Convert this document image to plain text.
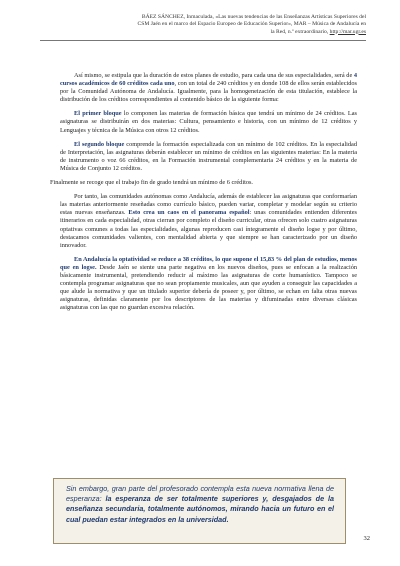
BÁEZ SÁNCHEZ, Inmaculada, «Las nuevas tendencias de las Enseñanzas Artísticas Superiores del
CSM Jaén en el marco del Espacio Europeo de Educación Superior», MAR – Música de Andalucía en
la Red, n.º extraordinario, http://mar.ugr.es

Así mismo, se estipula que la duración de estos planes de estudio, para cada una de sus especialidades, será de 4 cursos académicos de 60 créditos cada uno, con un total de 240 créditos y en donde 108 de ellos serán establecidos por la Comunidad Autónoma de Andalucía. Igualmente, para la homogeneización de esta titulación, establece la distribución de los créditos correspondientes al contenido básico de la siguiente forma:

El primer bloque lo componen las materias de formación básica que tendrá un mínimo de 24 créditos. Las asignaturas se distribuirán en dos materias: Cultura, pensamiento e historia, con un mínimo de 12 créditos y Lenguajes y técnica de la Música con otros 12 créditos.

El segundo bloque comprende la formación especializada con un mínimo de 102 créditos. En la especialidad de Interpretación, las asignaturas deberán establecer un mínimo de créditos en las siguientes materias: En la materia de instrumento o voz 66 créditos, en la Formación instrumental complementaria 24 créditos y en la materia de Música de Conjunto 12 créditos.

Finalmente se recoge que el trabajo fin de grado tendrá un mínimo de 6 créditos.

Por tanto, las comunidades autónomas como Andalucía, además de establecer las asignaturas que conformarían las materias anteriormente reseñadas como currículo básico, pueden variar, completar y modelar según su criterio estas nuevas enseñanzas. Esto crea un caos en el panorama español: unas comunidades entienden diferentes itinerarios en cada especialidad, otras cierran por completo el diseño curricular, otras ofrecen solo cuatro asignaturas optativas comunes a todas las especialidades, algunas reproducen casi íntegramente el diseño logse y por último, destacamos comunidades valientes, con mentalidad abierta y que siempre se han caracterizado por un diseño innovador.

En Andalucía la optatividad se reduce a 38 créditos, lo que supone el 15,83 % del plan de estudios, menos que en logse. Desde Jaén se siente una parte negativa en los nuevos diseños, pues se enfocan a la realización básicamente instrumental, pretendiendo reducir al máximo las asignaturas de corte humanístico. Tampoco se contempla programar asignaturas que no sean propiamente musicales, aun que ayuden a conseguir las capacidades a que alude la normativa y que un titulado superior debería de poseer y, por último, se echan en falta otras nuevas asignaturas, definidas claramente por los descriptores de las materias y difuminadas entre diversas clásicas asignaturas con las que no guardan excesiva relación.

Sin embargo, gran parte del profesorado contempla esta nueva normativa llena de esperanza: la esperanza de ser totalmente superiores y, desgajados de la enseñanza secundaria, totalmente autónomos, mirando hacia un futuro en el cual puedan estar integrados en la universidad.

32
